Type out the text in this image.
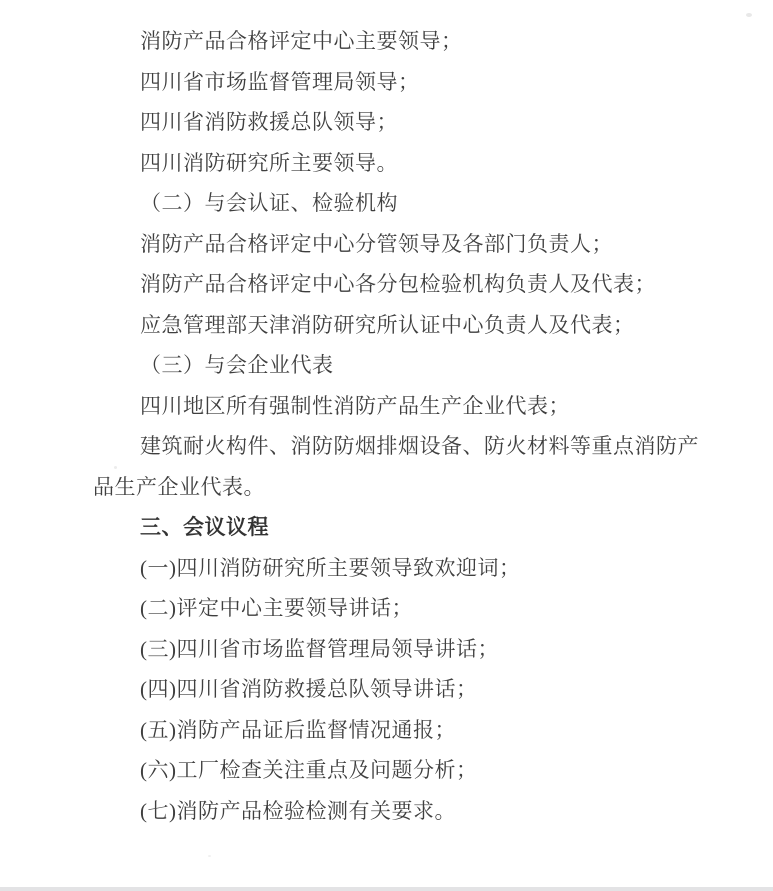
消防产品合格评定中心主要领导；

四川省市场监督管理局领导；

四川省消防救援总队领导；

四川消防研究所主要领导。

（二）与会认证、检验机构

消防产品合格评定中心分管领导及各部门负责人；

消防产品合格评定中心各分包检验机构负责人及代表；

应急管理部天津消防研究所认证中心负责人及代表；

（三）与会企业代表

四川地区所有强制性消防产品生产企业代表；

建筑耐火构件、消防防烟排烟设备、防火材料等重点消防产

品生产企业代表。

三、会议议程

(一)四川消防研究所主要领导致欢迎词；

(二)评定中心主要领导讲话；

(三)四川省市场监督管理局领导讲话；

(四)四川省消防救援总队领导讲话；

(五)消防产品证后监督情况通报；

(六)工厂检查关注重点及问题分析；

(七)消防产品检验检测有关要求。
